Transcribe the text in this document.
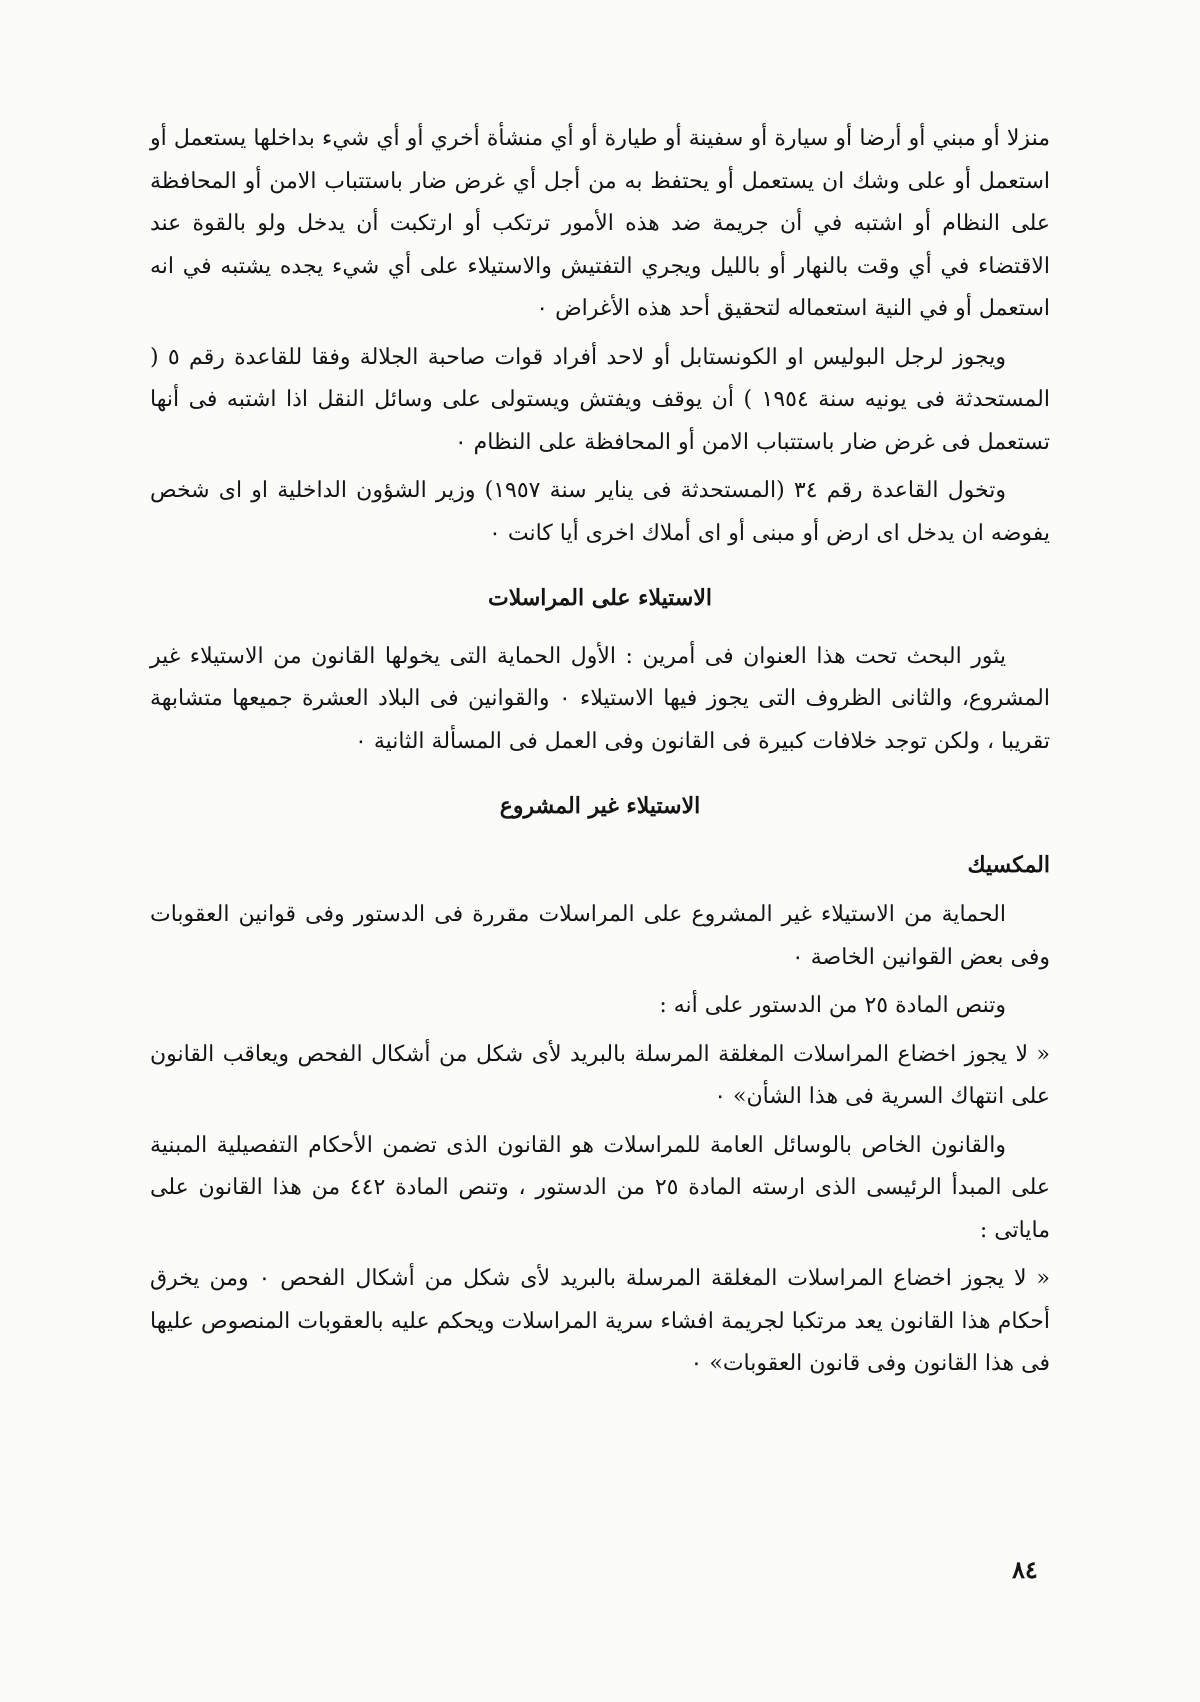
منزلا أو مبني أو أرضا أو سيارة أو سفينة أو طيارة أو أي منشأة أخري أو أي شيء بداخلها يستعمل أو استعمل أو على وشك ان يستعمل أو يحتفظ به من أجل أي غرض ضار باستتباب الامن أو المحافظة على النظام أو اشتبه في أن جريمة ضد هذه الأمور ترتكب أو ارتكبت أن يدخل ولو بالقوة عند الاقتضاء في أي وقت بالنهار أو بالليل ويجري التفتيش والاستيلاء على أي شيء يجده يشتبه في انه استعمل أو في النية استعماله لتحقيق أحد هذه الأغراض ٠

ويجوز لرجل البوليس او الكونستابل أو لاحد أفراد قوات صاحبة الجلالة وفقا للقاعدة رقم ٥ ( المستحدثة فى يونيه سنة ١٩٥٤ ) أن يوقف ويفتش ويستولى على وسائل النقل اذا اشتبه فى أنها تستعمل فى غرض ضار باستتباب الامن أو المحافظة على النظام ٠

وتخول القاعدة رقم ٣٤ (المستحدثة فى يناير سنة ١٩٥٧) وزير الشؤون الداخلية او اى شخص يفوضه ان يدخل اى ارض أو مبنى أو اى أملاك اخرى أيا كانت ٠

الاستيلاء على المراسلات

يثور البحث تحت هذا العنوان فى أمرين : الأول الحماية التى يخولها القانون من الاستيلاء غير المشروع، والثانى الظروف التى يجوز فيها الاستيلاء ٠ والقوانين فى البلاد العشرة جميعها متشابهة تقريبا ، ولكن توجد خلافات كبيرة فى القانون وفى العمل فى المسألة الثانية ٠

الاستيلاء غير المشروع
المكسيك

الحماية من الاستيلاء غير المشروع على المراسلات مقررة فى الدستور وفى قوانين العقوبات وفى بعض القوانين الخاصة ٠

وتنص المادة ٢٥ من الدستور على أنه :

« لا يجوز اخضاع المراسلات المغلقة المرسلة بالبريد لأى شكل من أشكال الفحص ويعاقب القانون على انتهاك السرية فى هذا الشأن» ٠

والقانون الخاص بالوسائل العامة للمراسلات هو القانون الذى تضمن الأحكام التفصيلية المبنية على المبدأ الرئيسى الذى ارسته المادة ٢٥ من الدستور ، وتنص المادة ٤٤٢ من هذا القانون على ماياتى :

« لا يجوز اخضاع المراسلات المغلقة المرسلة بالبريد لأى شكل من أشكال الفحص ٠ ومن يخرق أحكام هذا القانون يعد مرتكبا لجريمة افشاء سرية المراسلات ويحكم عليه بالعقوبات المنصوص عليها فى هذا القانون وفى قانون العقوبات» ٠

٨٤
